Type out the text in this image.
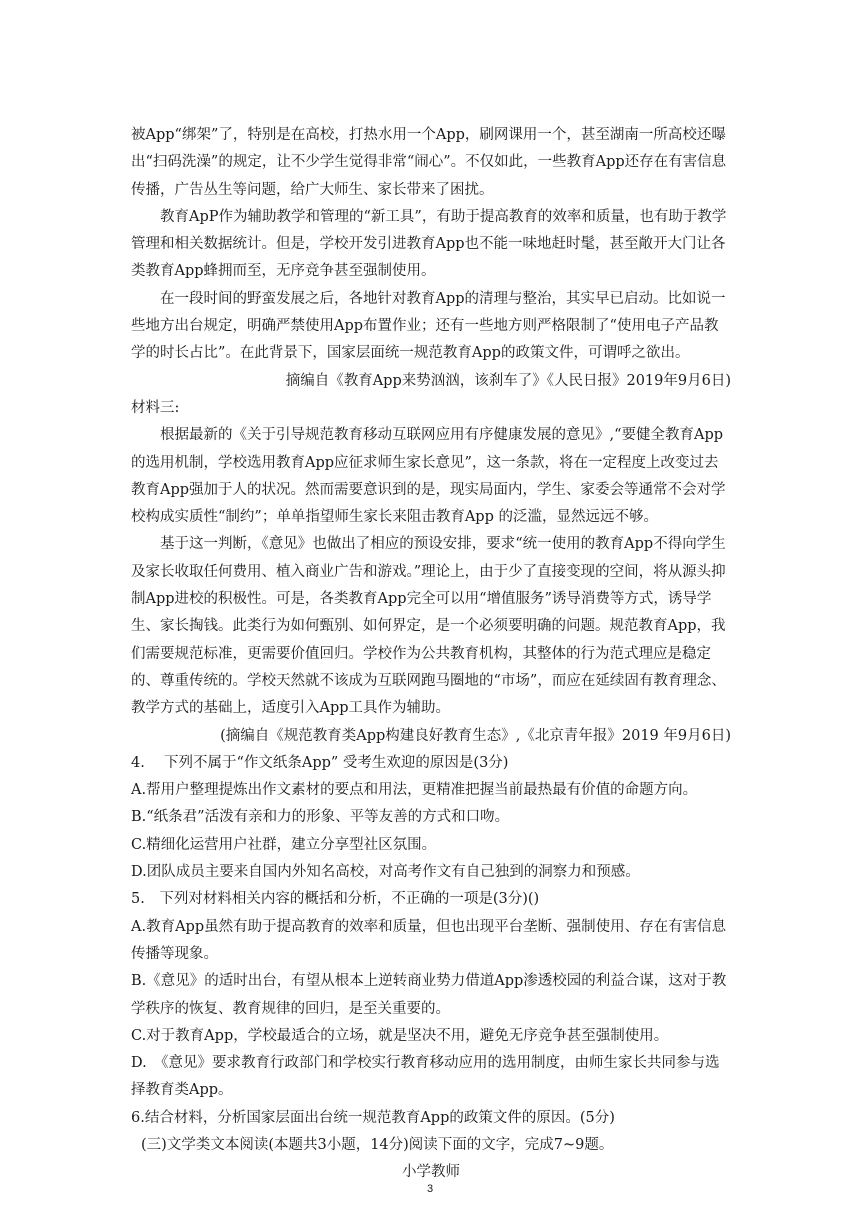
被App“绑架”了，特别是在高校，打热水用一个App，刷网课用一个，甚至湖南一所高校还曝出“扫码洗澡”的规定，让不少学生觉得非常“闹心”。不仅如此，一些教育App还存在有害信息传播，广告丛生等问题，给广大师生、家长带来了困扰。

教育ApP作为辅助教学和管理的“新工具”，有助于提高教育的效率和质量，也有助于教学管理和相关数据统计。但是，学校开发引进教育App也不能一味地赶时髦，甚至敞开大门让各类教育App蜂拥而至，无序竞争甚至强制使用。

在一段时间的野蛮发展之后，各地针对教育App的清理与整治，其实早已启动。比如说一些地方出台规定，明确严禁使用App布置作业；还有一些地方则严格限制了“使用电子产品教学的时长占比”。在此背景下，国家层面统一规范教育App的政策文件，可谓呼之欲出。

摘编自《教育App来势汹汹，该刹车了》《人民日报》2019年9月6日)

材料三:

根据最新的《关于引导规范教育移动互联网应用有序健康发展的意见》,“要健全教育App的选用机制，学校选用教育App应征求师生家长意见”，这一条款，将在一定程度上改变过去教育App强加于人的状况。然而需要意识到的是，现实局面内，学生、家委会等通常不会对学校构成实质性“制约”；单单指望师生家长来阻击教育App 的泛滥，显然远远不够。

基于这一判断，《意见》也做出了相应的预设安排，要求“统一使用的教育App不得向学生及家长收取任何费用、植入商业广告和游戏。”理论上，由于少了直接变现的空间，将从源头抑制App进校的积极性。可是，各类教育App完全可以用“增值服务”诱导消费等方式，诱导学生、家长掏钱。此类行为如何甄别、如何界定，是一个必须要明确的问题。规范教育App，我们需要规范标准，更需要价值回归。学校作为公共教育机构，其整体的行为范式理应是稳定的、尊重传统的。学校天然就不该成为互联网跑马圈地的“市场”，而应在延续固有教育理念、教学方式的基础上，适度引入App工具作为辅助。

(摘编自《规范教育类App构建良好教育生态》,《北京青年报》2019 年9月6日)

4.　 下列不属于“作文纸条App” 受考生欢迎的原因是(3分)

A.帮用户整理提炼出作文素材的要点和用法，更精准把握当前最热最有价值的命题方向。

B.“纸条君”活泼有亲和力的形象、平等友善的方式和口吻。

C.精细化运营用户社群，建立分享型社区氛围。

D.团队成员主要来自国内外知名高校，对高考作文有自己独到的洞察力和预感。

5.　下列对材料相关内容的概括和分析，不正确的一项是(3分)()

A.教育App虽然有助于提高教育的效率和质量，但也出现平台垄断、强制使用、存在有害信息传播等现象。

B.《意见》的适时出台，有望从根本上逆转商业势力借道App渗透校园的利益合谋，这对于教学秩序的恢复、教育规律的回归，是至关重要的。

C.对于教育App，学校最适合的立场，就是坚决不用，避免无序竞争甚至强制使用。

D.　《意见》要求教育行政部门和学校实行教育移动应用的选用制度，由师生家长共同参与选择教育类App。

6.结合材料，分析国家层面出台统一规范教育App的政策文件的原因。(5分)

(三)文学类文本阅读(本题共3小题，14分)阅读下面的文字，完成7~9题。

小学教师

3
